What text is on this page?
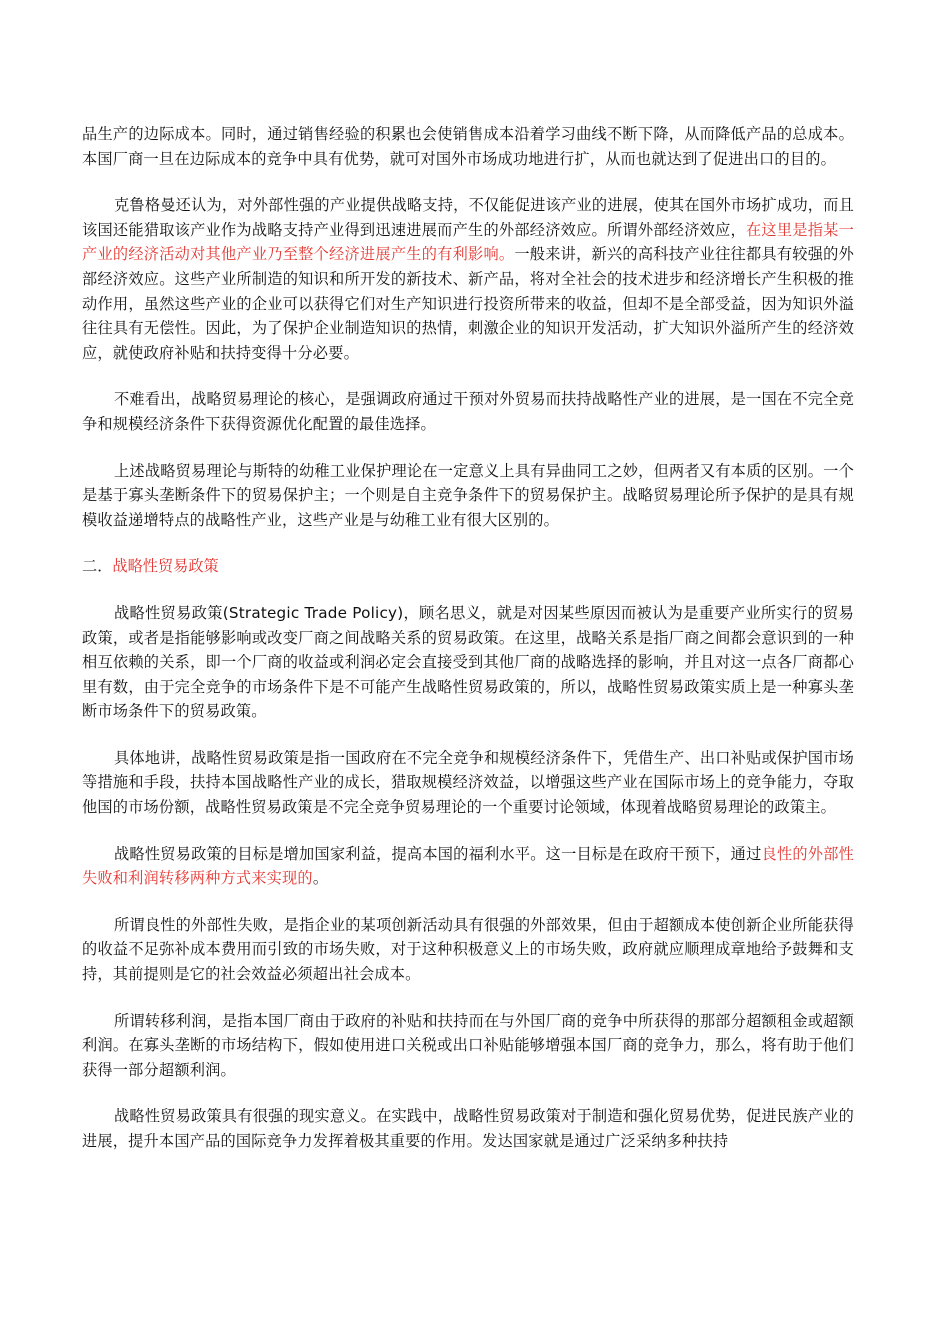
品生产的边际成本。同时，通过销售经验的积累也会使销售成本沿着学习曲线不断下降，从而降低产品的总成本。本国厂商一旦在边际成本的竞争中具有优势，就可对国外市场成功地进行扩，从而也就达到了促进出口的目的。

克鲁格曼还认为，对外部性强的产业提供战略支持，不仅能促进该产业的进展，使其在国外市场扩成功，而且该国还能猎取该产业作为战略支持产业得到迅速进展而产生的外部经济效应。所谓外部经济效应，在这里是指某一产业的经济活动对其他产业乃至整个经济进展产生的有利影响。一般来讲，新兴的高科技产业往往都具有较强的外部经济效应。这些产业所制造的知识和所开发的新技术、新产品，将对全社会的技术进步和经济增长产生积极的推动作用，虽然这些产业的企业可以获得它们对生产知识进行投资所带来的收益，但却不是全部受益，因为知识外溢往往具有无偿性。因此，为了保护企业制造知识的热情，刺激企业的知识开发活动，扩大知识外溢所产生的经济效应，就使政府补贴和扶持变得十分必要。

不难看出，战略贸易理论的核心，是强调政府通过干预对外贸易而扶持战略性产业的进展，是一国在不完全竞争和规模经济条件下获得资源优化配置的最佳选择。

上述战略贸易理论与斯特的幼稚工业保护理论在一定意义上具有异曲同工之妙，但两者又有本质的区别。一个是基于寡头垄断条件下的贸易保护主；一个则是自主竞争条件下的贸易保护主。战略贸易理论所予保护的是具有规模收益递增特点的战略性产业，这些产业是与幼稚工业有很大区别的。

二．战略性贸易政策

战略性贸易政策(Strategic Trade Policy)，顾名思义，就是对因某些原因而被认为是重要产业所实行的贸易政策，或者是指能够影响或改变厂商之间战略关系的贸易政策。在这里，战略关系是指厂商之间都会意识到的一种相互依赖的关系，即一个厂商的收益或利润必定会直接受到其他厂商的战略选择的影响，并且对这一点各厂商都心里有数，由于完全竞争的市场条件下是不可能产生战略性贸易政策的，所以，战略性贸易政策实质上是一种寡头垄断市场条件下的贸易政策。

具体地讲，战略性贸易政策是指一国政府在不完全竞争和规模经济条件下，凭借生产、出口补贴或保护国市场等措施和手段，扶持本国战略性产业的成长，猎取规模经济效益，以增强这些产业在国际市场上的竞争能力，夺取他国的市场份额，战略性贸易政策是不完全竞争贸易理论的一个重要讨论领域，体现着战略贸易理论的政策主。

战略性贸易政策的目标是增加国家利益，提高本国的福利水平。这一目标是在政府干预下，通过良性的外部性失败和利润转移两种方式来实现的。

所谓良性的外部性失败，是指企业的某项创新活动具有很强的外部效果，但由于超额成本使创新企业所能获得的收益不足弥补成本费用而引致的市场失败，对于这种积极意义上的市场失败，政府就应顺理成章地给予鼓舞和支持，其前提则是它的社会效益必须超出社会成本。

所谓转移利润，是指本国厂商由于政府的补贴和扶持而在与外国厂商的竞争中所获得的那部分超额租金或超额利润。在寡头垄断的市场结构下，假如使用进口关税或出口补贴能够增强本国厂商的竞争力，那么，将有助于他们获得一部分超额利润。

战略性贸易政策具有很强的现实意义。在实践中，战略性贸易政策对于制造和强化贸易优势，促进民族产业的进展，提升本国产品的国际竞争力发挥着极其重要的作用。发达国家就是通过广泛采纳多种扶持
